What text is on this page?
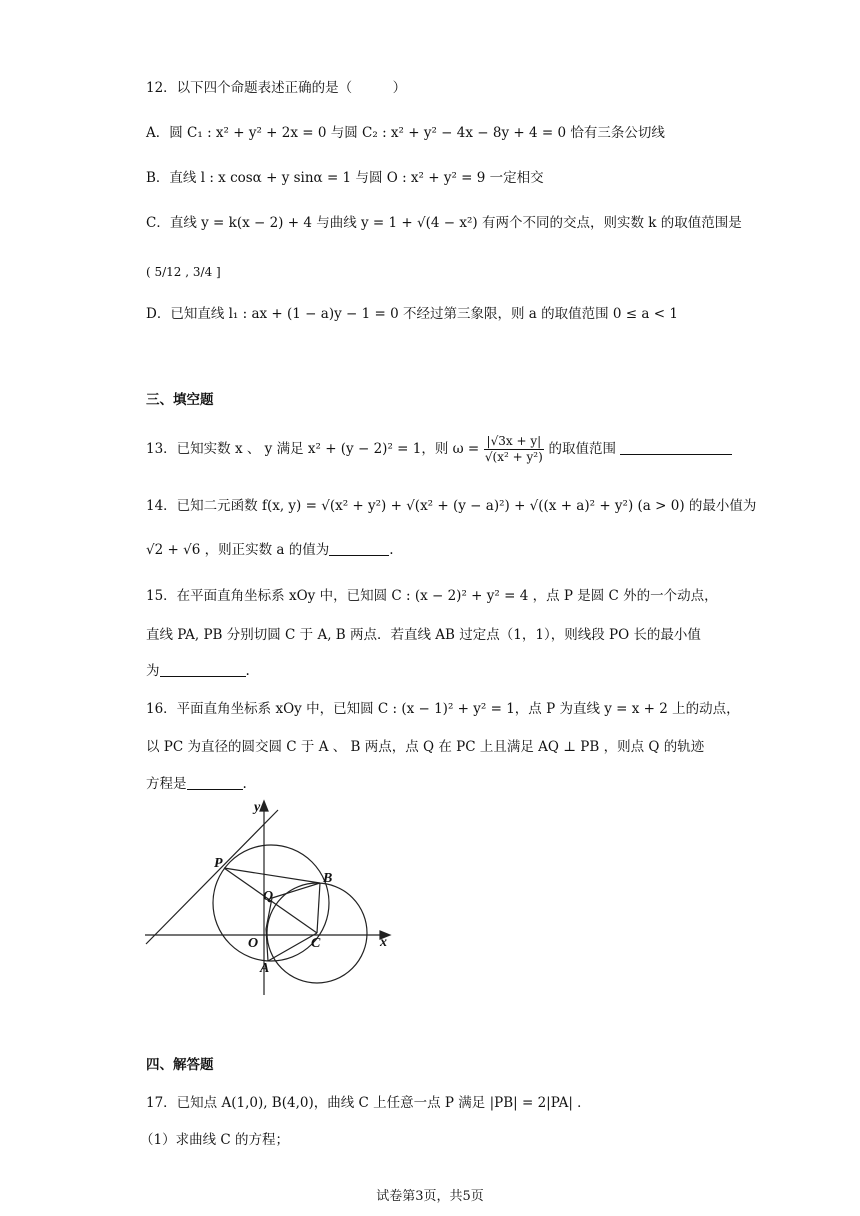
12．以下四个命题表述正确的是（　　　）
A．圆 C₁ : x² + y² + 2x = 0 与圆 C₂ : x² + y² − 4x − 8y + 4 = 0 恰有三条公切线
B．直线 l : x cosα + y sinα = 1 与圆 O : x² + y² = 9 一定相交
C．直线 y = k(x − 2) + 4 与曲线 y = 1 + √(4 − x²) 有两个不同的交点，则实数 k 的取值范围是
( 5/12 , 3/4 ]
D．已知直线 l₁ : ax + (1 − a)y − 1 = 0 不经过第三象限，则 a 的取值范围 0 ≤ a < 1
三、填空题
13．已知实数 x 、 y 满足 x² + (y − 2)² = 1，则 $\omega = \frac{|√3x + y|}{\text{√(x² + y²)}}$ 的取值范围
14．已知二元函数 f(x, y) = √(x² + y²) + √(x² + (y − a)²) + √((x + a)² + y²) (a > 0) 的最小值为
√2 + √6 ，则正实数 a 的值为	.
15．在平面直角坐标系 xOy 中，已知圆 C : (x − 2)² + y² = 4 ，点 P 是圆 C 外的一个动点，
直线 PA, PB 分别切圆 C 于 A, B 两点．若直线 AB 过定点（1，1），则线段 PO 长的最小值
为	.
16．平面直角坐标系 xOy 中，已知圆 C : (x − 1)² + y² = 1，点 P 为直线 y = x + 2 上的动点，
以 PC 为直径的圆交圆 C 于 A 、 B 两点，点 Q 在 PC 上且满足 AQ ⊥ PB ，则点 Q 的轨迹
方程是	.
y
x
P
B
Q
O	C
A
四、解答题
17．已知点 A(1,0), B(4,0)，曲线 C 上任意一点 P 满足 |PB| = 2|PA| ．
（1）求曲线 C 的方程；
试卷第3页，共5页
